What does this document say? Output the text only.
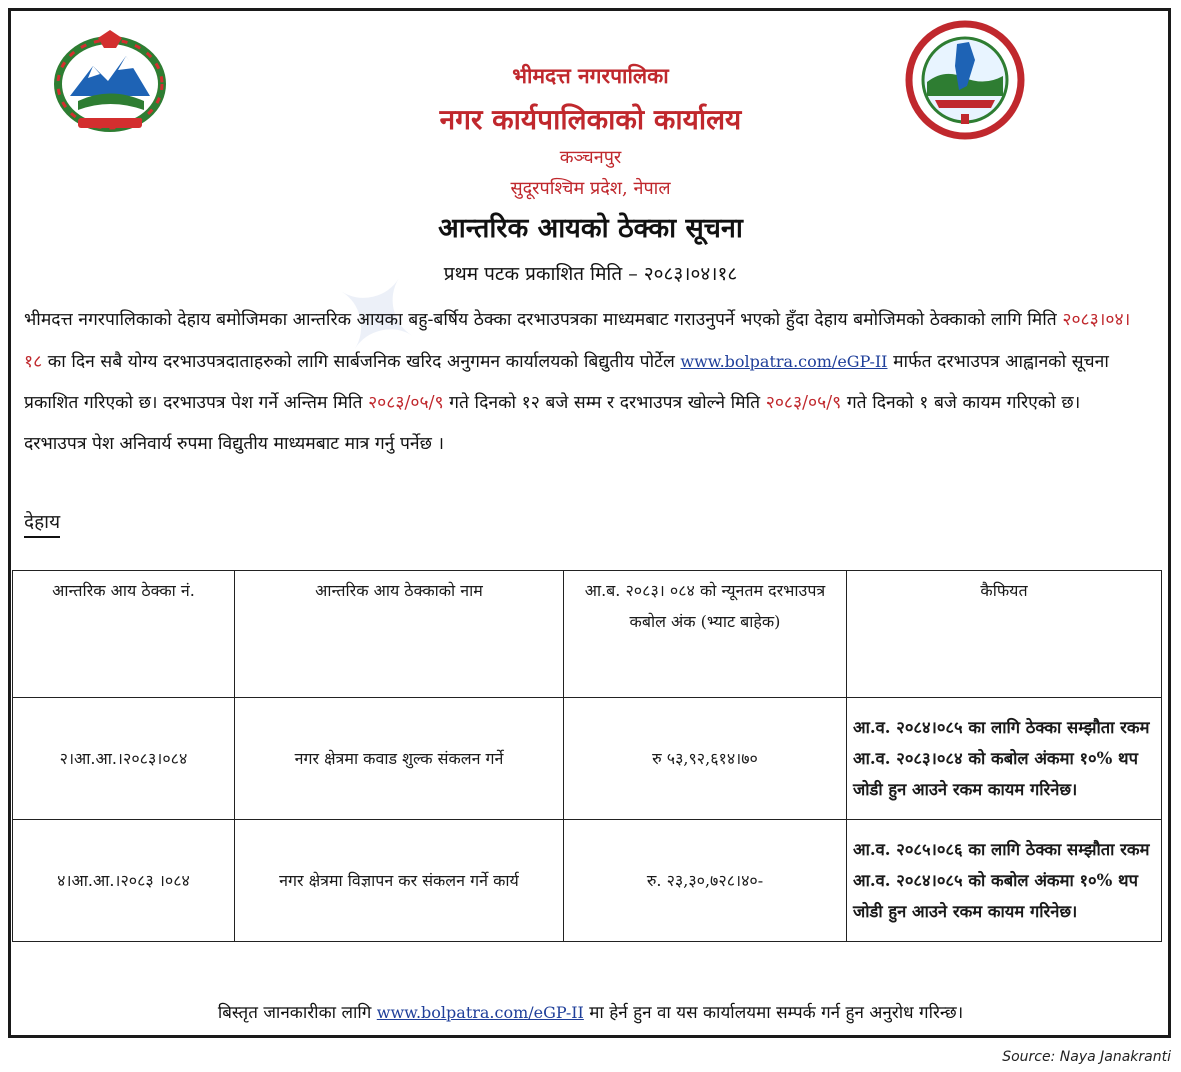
✦
भीमदत्त नगरपालिका
नगर कार्यपालिकाको कार्यालय
कञ्चनपुर
सुदूरपश्चिम प्रदेश, नेपाल
आन्तरिक आयको ठेक्का सूचना
प्रथम पटक प्रकाशित मिति – २०८३।०४।१८
भीमदत्त नगरपालिकाको देहाय बमोजिमका आन्तरिक आयका बहु-बर्षिय ठेक्का दरभाउपत्रका माध्यमबाट गराउनुपर्ने भएको हुँदा देहाय बमोजिमको ठेक्काको लागि मिति २०८३।०४।१८ का दिन सबै योग्य दरभाउपत्रदाताहरुको लागि सार्बजनिक खरिद अनुगमन कार्यालयको बिद्युतीय पोर्टेल www.bolpatra.com/eGP-II मार्फत दरभाउपत्र आह्वानको सूचना प्रकाशित गरिएको छ। दरभाउपत्र पेश गर्ने अन्तिम मिति २०८३/०५/९ गते दिनको १२ बजे सम्म र दरभाउपत्र खोल्ने मिति २०८३/०५/९ गते दिनको १ बजे कायम गरिएको छ। दरभाउपत्र पेश अनिवार्य रुपमा विद्युतीय माध्यमबाट मात्र गर्नु पर्नेछ ।
देहाय
आन्तरिक आय ठेक्का नं.	आन्तरिक आय ठेक्काको नाम	आ.ब. २०८३। ०८४ को न्यूनतम दरभाउपत्र कबोल अंक (भ्याट बाहेक)	कैफियत
२।आ.आ.।२०८३।०८४	नगर क्षेत्रमा कवाड शुल्क संकलन गर्ने	रु ५३,९२,६१४।७०	आ.व. २०८४।०८५ का लागि ठेक्का सम्झौता रकम आ.व. २०८३।०८४ को कबोल अंकमा १०% थप जोडी हुन आउने रकम कायम गरिनेछ।
४।आ.आ.।२०८३ ।०८४	नगर क्षेत्रमा विज्ञापन कर संकलन गर्ने कार्य	रु. २३,३०,७२८।४०-	आ.व. २०८५।०८६ का लागि ठेक्का सम्झौता रकम आ.व. २०८४।०८५ को कबोल अंकमा १०% थप जोडी हुन आउने रकम कायम गरिनेछ।
बिस्तृत जानकारीका लागि www.bolpatra.com/eGP-II मा हेर्न हुन वा यस कार्यालयमा सम्पर्क गर्न हुन अनुरोध गरिन्छ।
Source: Naya Janakranti
